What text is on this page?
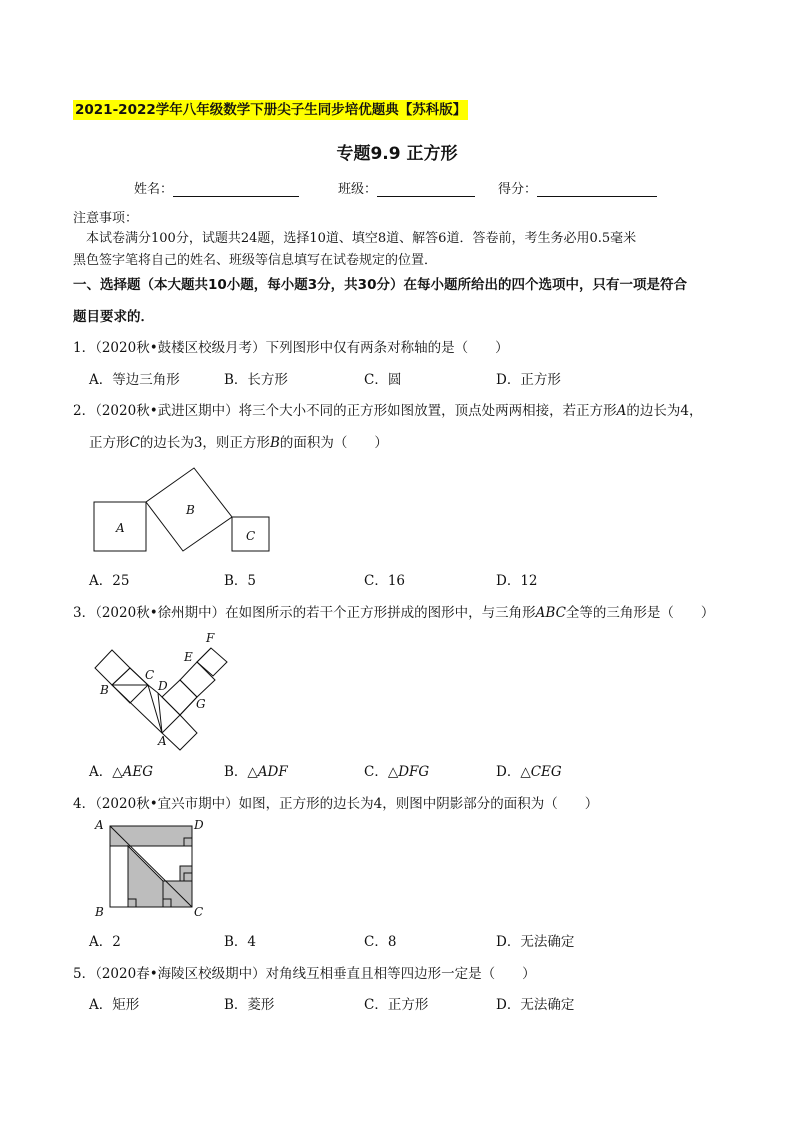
2021-2022学年八年级数学下册尖子生同步培优题典【苏科版】
专题9.9 正方形
姓名：	班级：	得分：
注意事项：
本试卷满分100分，试题共24题，选择10道、填空8道、解答6道．答卷前，考生务必用0.5毫米
黑色签字笔将自己的姓名、班级等信息填写在试卷规定的位置．
一、选择题（本大题共10小题，每小题3分，共30分）在每小题所给出的四个选项中，只有一项是符合
题目要求的．
1．（2020秋•鼓楼区校级月考）下列图形中仅有两条对称轴的是（　　）
A．等边三角形	B．长方形	C．圆	D．正方形
2．（2020秋•武进区期中）将三个大小不同的正方形如图放置，顶点处两两相接，若正方形A的边长为4，
正方形C的边长为3，则正方形B的面积为（　　）
A
B
C
A．25	B．5	C．16	D．12
3．（2020秋•徐州期中）在如图所示的若干个正方形拼成的图形中，与三角形ABC全等的三角形是（　　）
F
E
C
B	D
G
A
A．△AEG	B．△ADF	C．△DFG	D．△CEG
4．（2020秋•宜兴市期中）如图，正方形的边长为4，则图中阴影部分的面积为（　　）
A	D
B	C
A．2	B．4	C．8	D．无法确定
5．（2020春•海陵区校级期中）对角线互相垂直且相等四边形一定是（　　）
A．矩形	B．菱形	C．正方形	D．无法确定
